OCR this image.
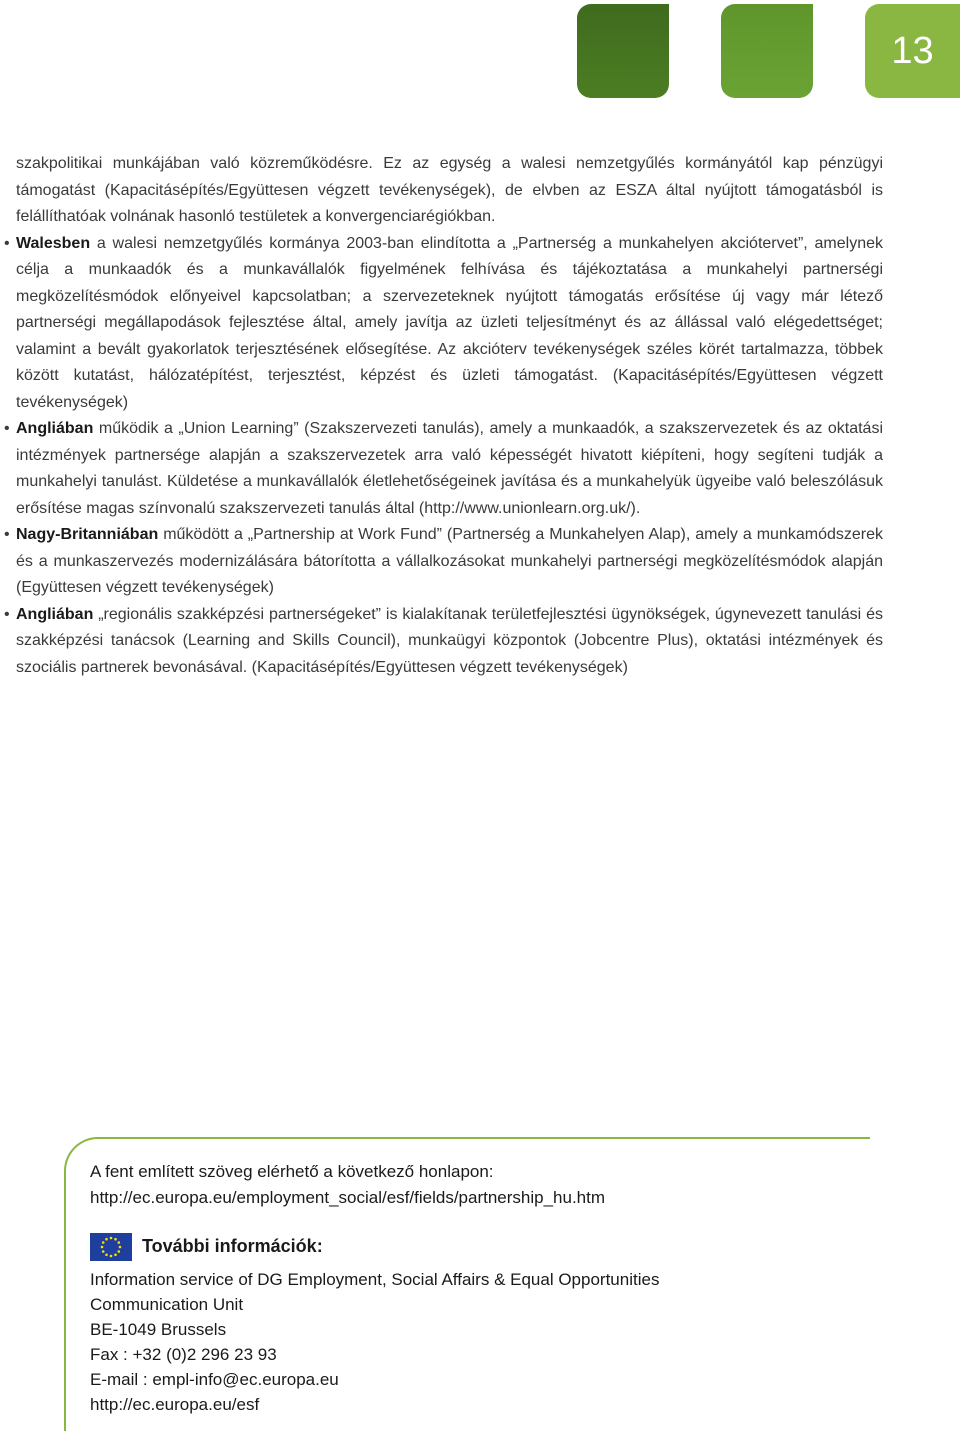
13

szakpolitikai munkájában való közreműködésre. Ez az egység a walesi nemzetgyűlés kormányától kap pénzügyi támogatást (Kapacitásépítés/Együttesen végzett tevékenységek), de elvben az ESZA által nyújtott támogatásból is felállíthatóak volnának hasonló testületek a konvergenciarégiókban.

• Walesben a walesi nemzetgyűlés kormánya 2003-ban elindította a „Partnerség a munkahelyen akciótervet”, amelynek célja a munkaadók és a munkavállalók figyelmének felhívása és tájékoztatása a munkahelyi partnerségi megközelítésmódok előnyeivel kapcsolatban; a szervezeteknek nyújtott támogatás erősítése új vagy már létező partnerségi megállapodások fejlesztése által, amely javítja az üzleti teljesítményt és az állással való elégedettséget; valamint a bevált gyakorlatok terjesztésének elősegítése. Az akcióterv tevékenységek széles körét tartalmazza, többek között kutatást, hálózatépítést, terjesztést, képzést és üzleti támogatást. (Kapacitásépítés/Együttesen végzett tevékenységek)
• Angliában működik a „Union Learning” (Szakszervezeti tanulás), amely a munkaadók, a szakszervezetek és az oktatási intézmények partnersége alapján a szakszervezetek arra való képességét hivatott kiépíteni, hogy segíteni tudják a munkahelyi tanulást. Küldetése a munkavállalók életlehetőségeinek javítása és a munkahelyük ügyeibe való beleszólásuk erősítése magas színvonalú szakszervezeti tanulás által (http://www.unionlearn.org.uk/).
• Nagy-Britanniában működött a „Partnership at Work Fund” (Partnerség a Munkahelyen Alap), amely a munkamódszerek és a munkaszervezés modernizálására bátorította a vállalkozásokat munkahelyi partnerségi megközelítésmódok alapján (Együttesen végzett tevékenységek)
• Angliában „regionális szakképzési partnerségeket” is kialakítanak területfejlesztési ügynökségek, úgynevezett tanulási és szakképzési tanácsok (Learning and Skills Council), munkaügyi központok (Jobcentre Plus), oktatási intézmények és szociális partnerek bevonásával. (Kapacitásépítés/Együttesen végzett tevékenységek)
A fent említett szöveg elérhető a következő honlapon:
http://ec.europa.eu/employment_social/esf/fields/partnership_hu.htm
További információk:
Information service of DG Employment, Social Affairs & Equal Opportunities
Communication Unit
BE-1049 Brussels
Fax : +32 (0)2 296 23 93
E-mail : empl-info@ec.europa.eu
http://ec.europa.eu/esf
